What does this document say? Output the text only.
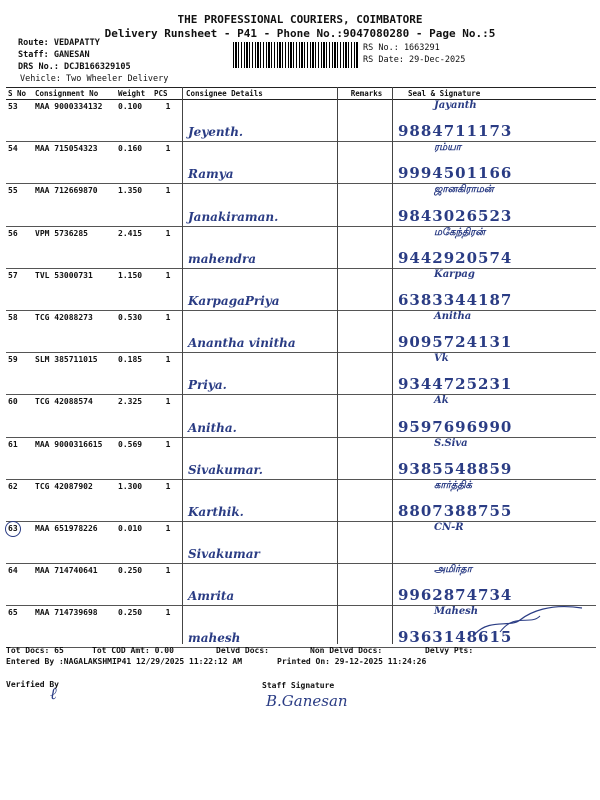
THE PROFESSIONAL COURIERS, COIMBATORE
Delivery Runsheet - P41 - Phone No.:9047080280 - Page No.:5
Route: VEDAPATTY
Staff: GANESAN
DRS No.: DCJB166329105
Vehicle: Two Wheeler Delivery
RS No.: 1663291
RS Date: 29-Dec-2025
S No	Consignment No	Weight	PCS	Consignee Details	Remarks	Seal & Signature
53	MAA 9000334132	0.100	1	Jeyenth.		Jayanth
9884711173

54	MAA 715054323	0.160	1	Ramya		ரம்யா
9994501166

55	MAA 712669870	1.350	1	Janakiraman.		ஜானகிராமன்
9843026523

56	VPM 5736285	2.415	1	mahendra		மகேந்திரன்
9442920574

57	TVL 53000731	1.150	1	KarpagaPriya		Karpag
6383344187

58	TCG 42088273	0.530	1	Anantha vinitha		Anitha
9095724131

59	SLM 385711015	0.185	1	Priya.		Vk
9344725231

60	TCG 42088574	2.325	1	Anitha.		Ak
9597696990

61	MAA 9000316615	0.569	1	Sivakumar.		S.Siva
9385548859

62	TCG 42087902	1.300	1	Karthik.		கார்த்திக்
8807388755

63	MAA 651978226	0.010	1	Sivakumar		CN-R

64	MAA 714740641	0.250	1	Amrita		அமிர்தா
9962874734

65	MAA 714739698	0.250	1	mahesh		Mahesh
9363148615
Tot Docs: 65	Tot COD Amt: 0.00	Delvd Docs:	Non Delvd Docs:	Delvy Pts:
Entered By :NAGALAKSHMIP41 12/29/2025 11:22:12 AM	Printed On: 29-12-2025 11:24:26
Verified By
ℓ	Staff Signature
B.Ganesan
